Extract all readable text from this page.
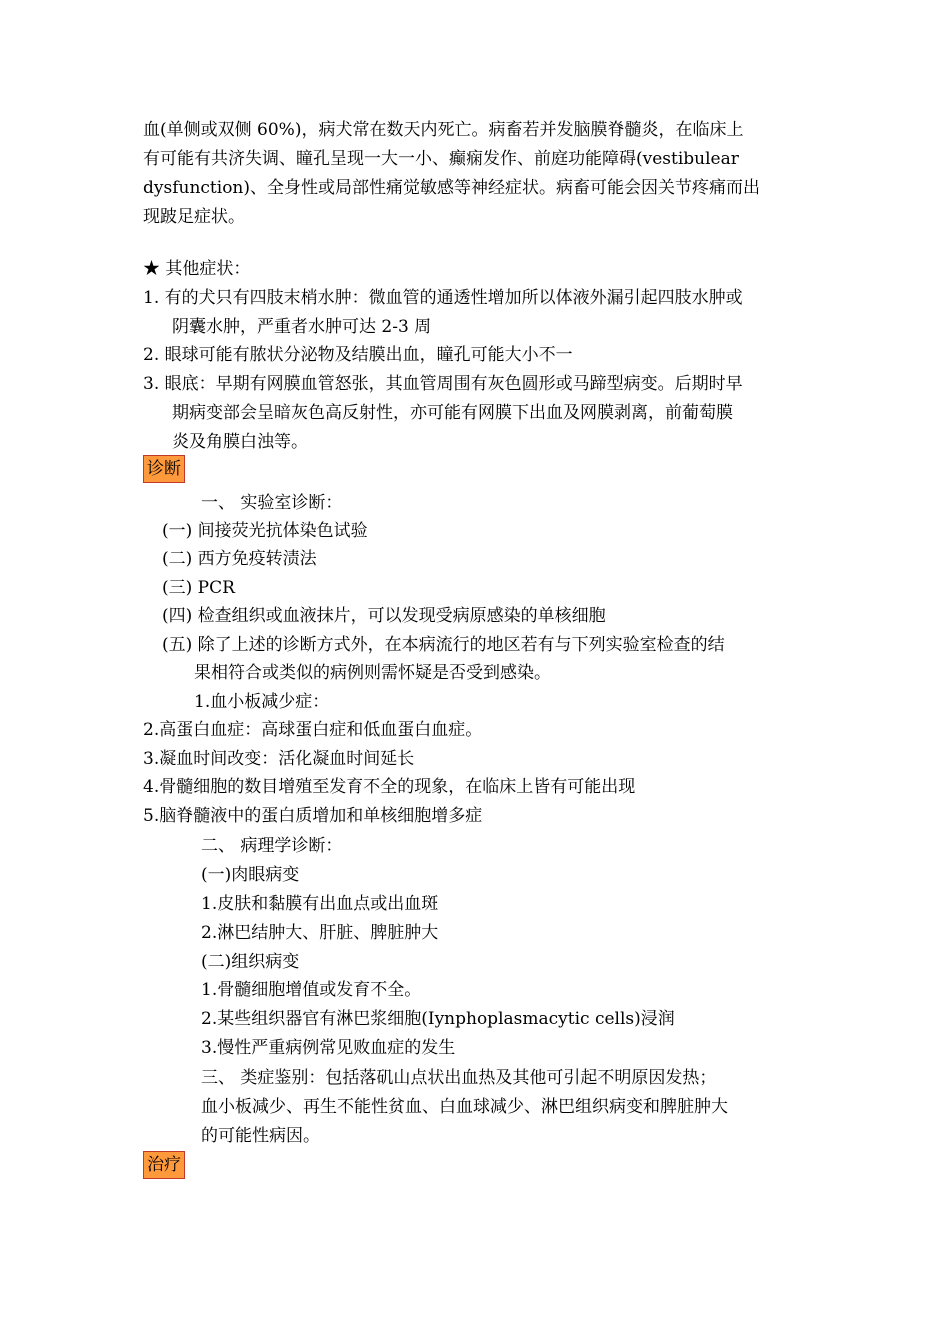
血(单侧或双侧 60%)，病犬常在数天内死亡。病畜若并发脑膜脊髓炎，在临床上
有可能有共济失调、瞳孔呈现一大一小、癫痫发作、前庭功能障碍(vestibulear
dysfunction)、全身性或局部性痛觉敏感等神经症状。病畜可能会因关节疼痛而出
现跛足症状。
★ 其他症状：
1. 有的犬只有四肢末梢水肿：微血管的通透性增加所以体液外漏引起四肢水肿或
阴囊水肿，严重者水肿可达 2-3 周
2. 眼球可能有脓状分泌物及结膜出血，瞳孔可能大小不一
3. 眼底：早期有网膜血管怒张，其血管周围有灰色圆形或马蹄型病变。后期时早
期病变部会呈暗灰色高反射性，亦可能有网膜下出血及网膜剥离，前葡萄膜
炎及角膜白浊等。
诊断
一、 实验室诊断：
(一) 间接荧光抗体染色试验
(二) 西方免疫转渍法
(三) PCR
(四) 检查组织或血液抹片，可以发现受病原感染的单核细胞
(五) 除了上述的诊断方式外，在本病流行的地区若有与下列实验室检查的结
果相符合或类似的病例则需怀疑是否受到感染。
1.血小板减少症：
2.高蛋白血症：高球蛋白症和低血蛋白血症。
3.凝血时间改变：活化凝血时间延长
4.骨髓细胞的数目增殖至发育不全的现象，在临床上皆有可能出现
5.脑脊髓液中的蛋白质增加和单核细胞增多症
二、 病理学诊断：
(一)肉眼病变
1.皮肤和黏膜有出血点或出血斑
2.淋巴结肿大、肝脏、脾脏肿大
(二)组织病变
1.骨髓细胞增值或发育不全。
2.某些组织器官有淋巴浆细胞(Iynphoplasmacytic cells)浸润
3.慢性严重病例常见败血症的发生
三、 类症鉴别：包括落矶山点状出血热及其他可引起不明原因发热；
血小板减少、再生不能性贫血、白血球减少、淋巴组织病变和脾脏肿大
的可能性病因。
治疗
